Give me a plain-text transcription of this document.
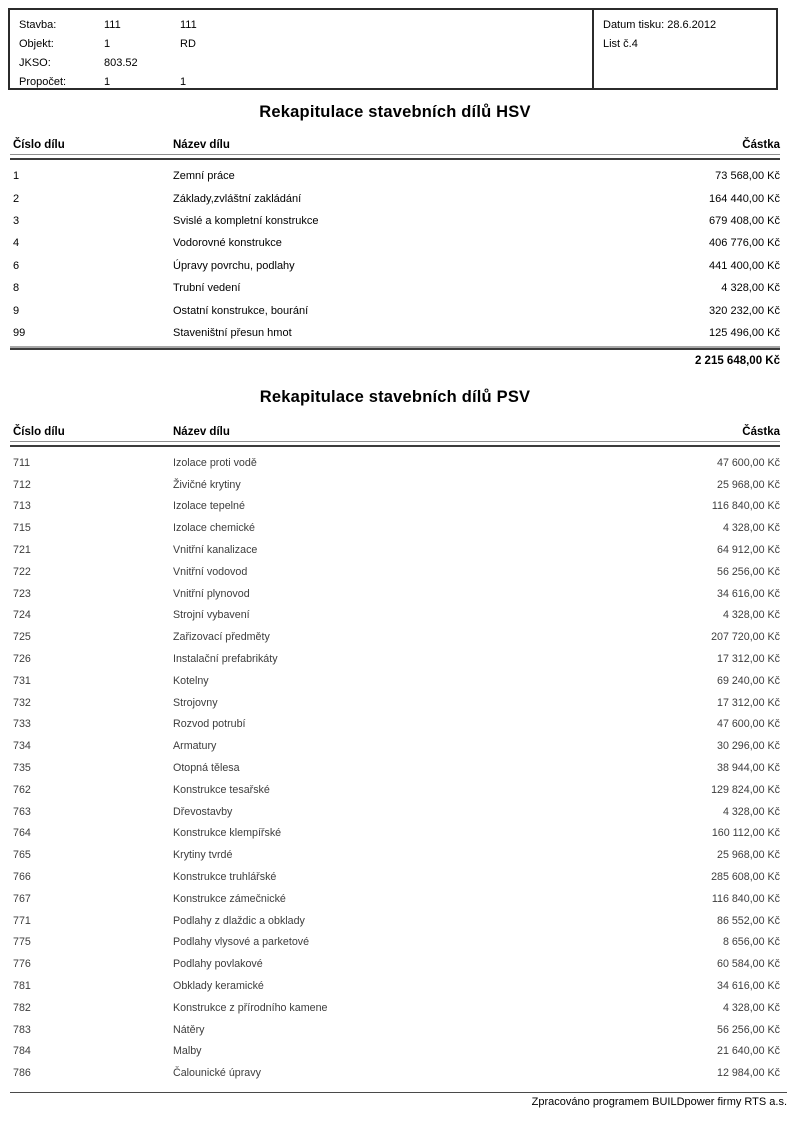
Stavba:	111	111
Objekt:	1	RD
JKSO:	803.52
Propočet:	1	1
Datum tisku: 28.6.2012
List č.4
Rekapitulace stavebních dílů HSV
Číslo dílu	Název dílu	Částka
1	Zemní práce	73 568,00 Kč
2	Základy,zvláštní zakládání	164 440,00 Kč
3	Svislé a kompletní konstrukce	679 408,00 Kč
4	Vodorovné konstrukce	406 776,00 Kč
6	Úpravy povrchu, podlahy	441 400,00 Kč
8	Trubní vedení	4 328,00 Kč
9	Ostatní konstrukce, bourání	320 232,00 Kč
99	Staveništní přesun hmot	125 496,00 Kč
2 215 648,00 Kč
Rekapitulace stavebních dílů PSV
Číslo dílu	Název dílu	Částka
711	Izolace proti vodě	47 600,00 Kč
712	Živičné krytiny	25 968,00 Kč
713	Izolace tepelné	116 840,00 Kč
715	Izolace chemické	4 328,00 Kč
721	Vnitřní kanalizace	64 912,00 Kč
722	Vnitřní vodovod	56 256,00 Kč
723	Vnitřní plynovod	34 616,00 Kč
724	Strojní vybavení	4 328,00 Kč
725	Zařizovací předměty	207 720,00 Kč
726	Instalační prefabrikáty	17 312,00 Kč
731	Kotelny	69 240,00 Kč
732	Strojovny	17 312,00 Kč
733	Rozvod potrubí	47 600,00 Kč
734	Armatury	30 296,00 Kč
735	Otopná tělesa	38 944,00 Kč
762	Konstrukce tesařské	129 824,00 Kč
763	Dřevostavby	4 328,00 Kč
764	Konstrukce klempířské	160 112,00 Kč
765	Krytiny tvrdé	25 968,00 Kč
766	Konstrukce truhlářské	285 608,00 Kč
767	Konstrukce zámečnické	116 840,00 Kč
771	Podlahy z dlaždic a obklady	86 552,00 Kč
775	Podlahy vlysové a parketové	8 656,00 Kč
776	Podlahy povlakové	60 584,00 Kč
781	Obklady keramické	34 616,00 Kč
782	Konstrukce z přírodního kamene	4 328,00 Kč
783	Nátěry	56 256,00 Kč
784	Malby	21 640,00 Kč
786	Čalounické úpravy	12 984,00 Kč
Zpracováno programem BUILDpower firmy RTS a.s.
